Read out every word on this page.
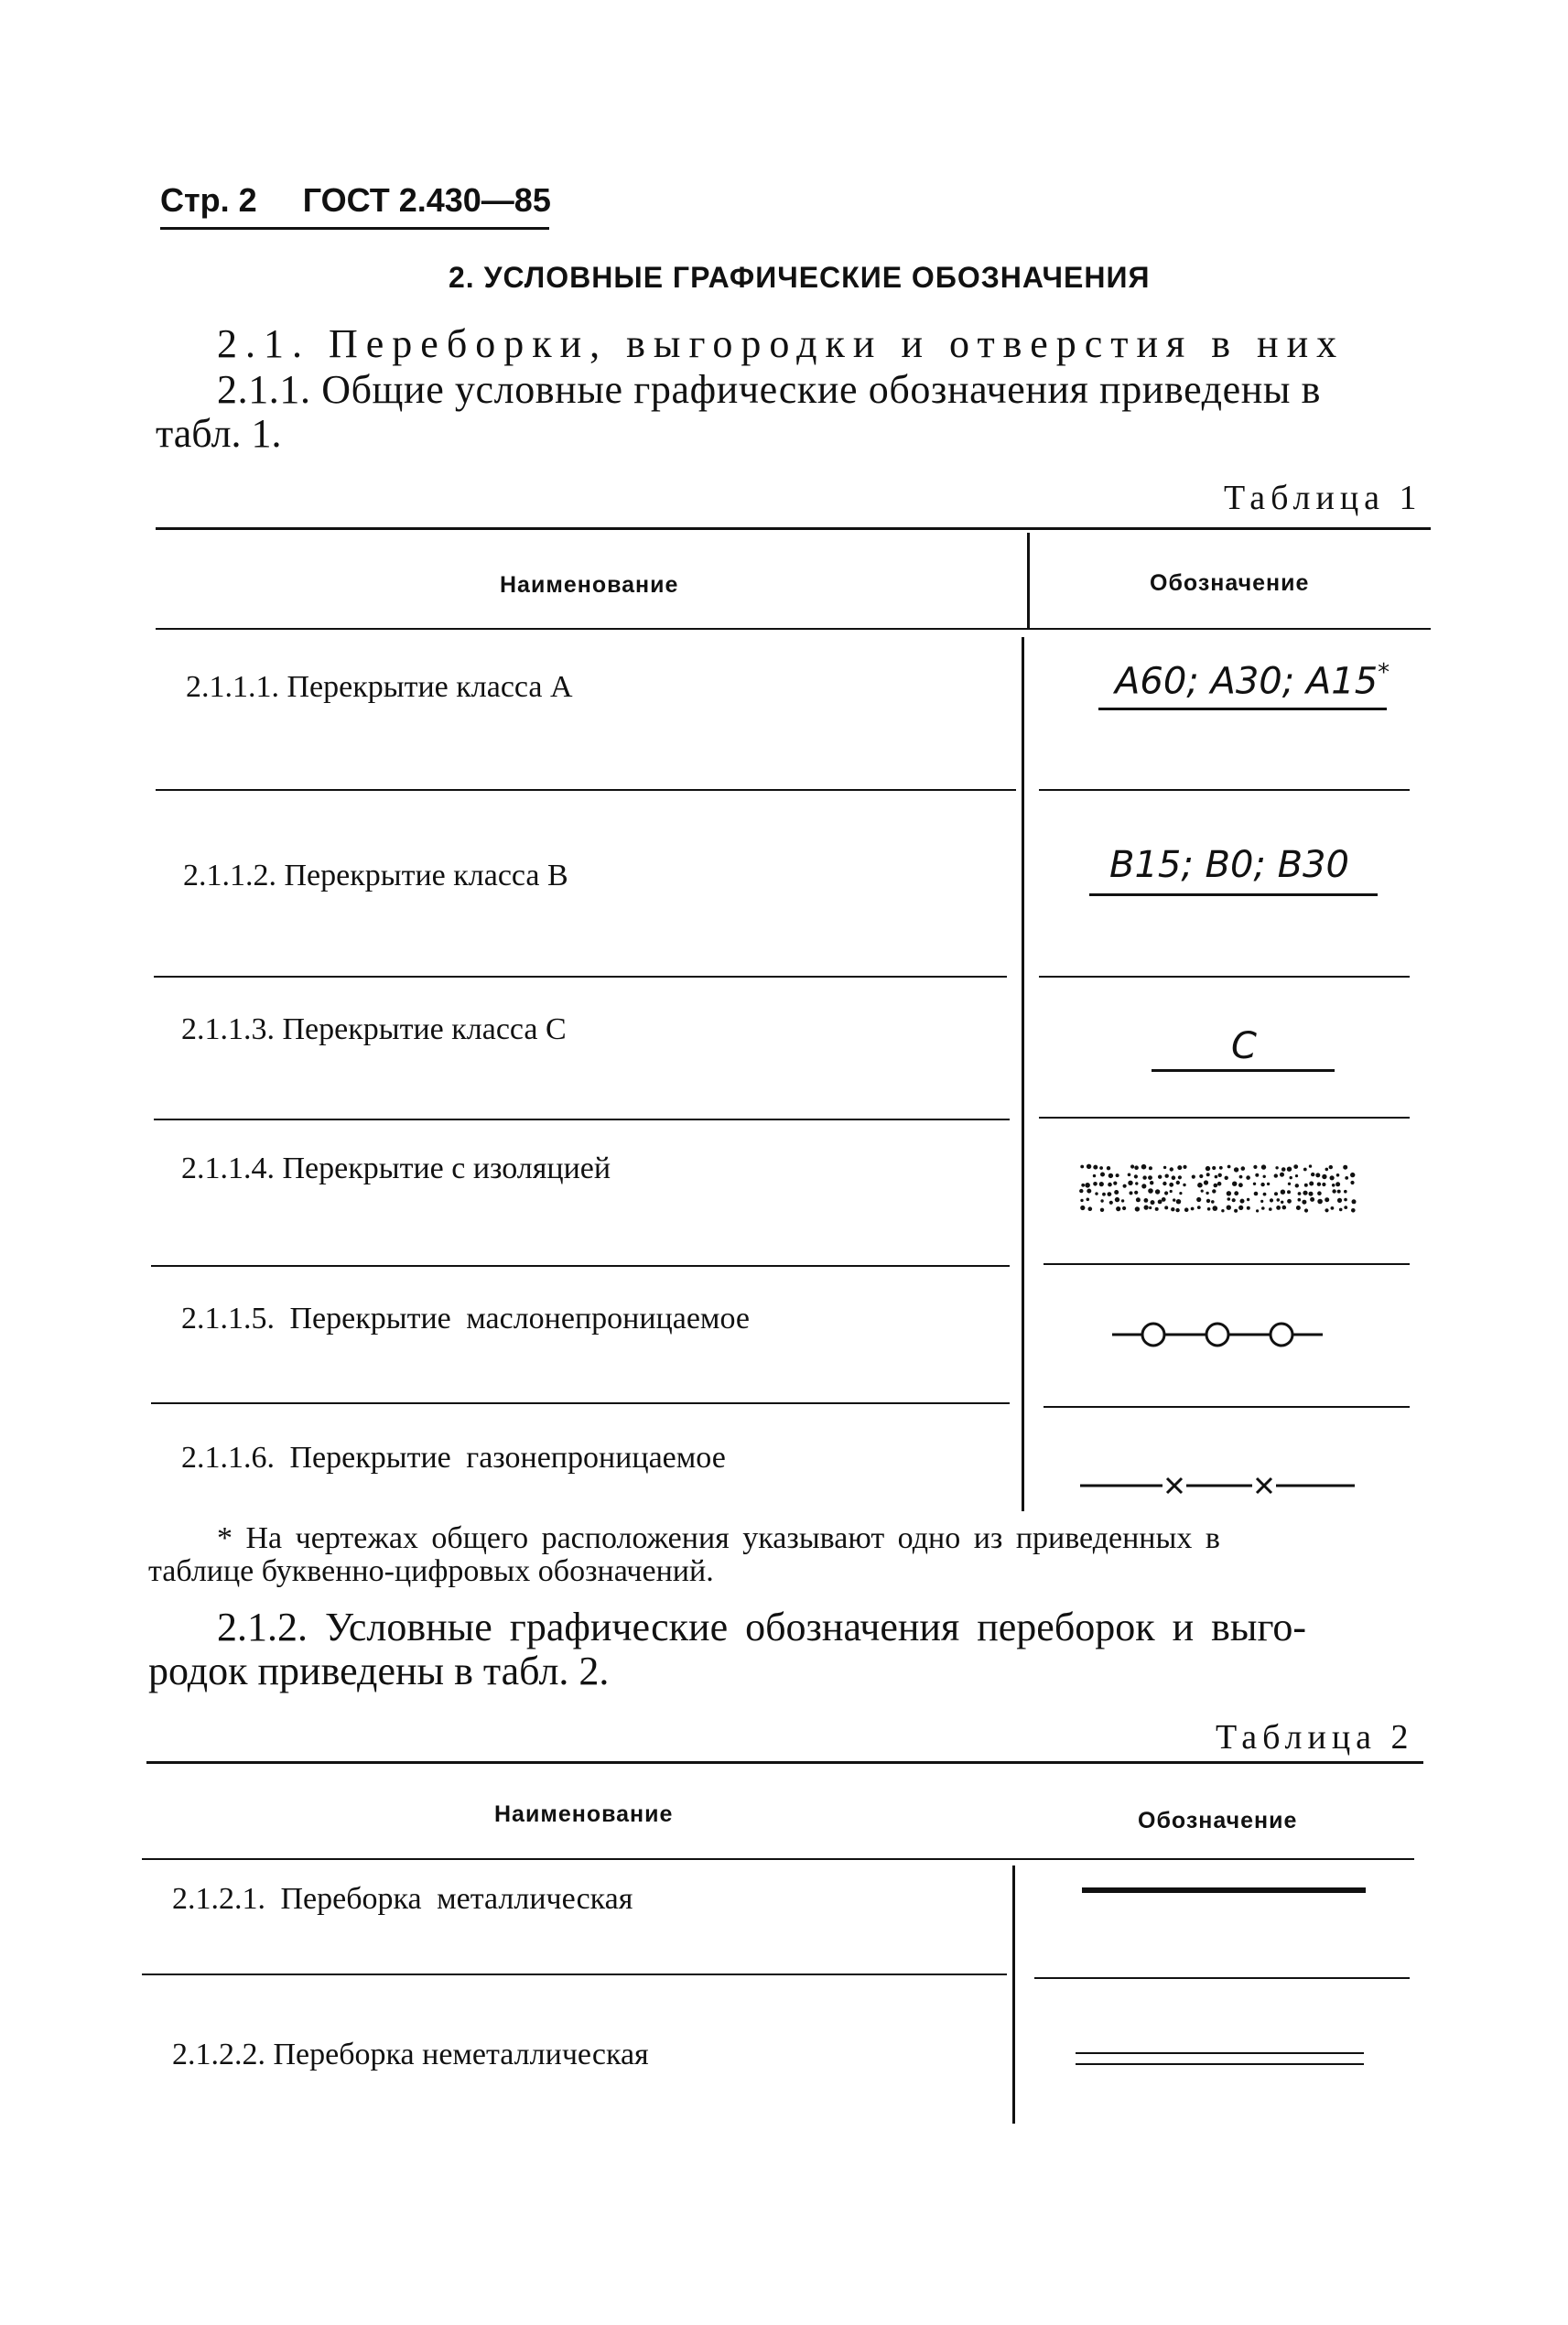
Стр. 2 ГОСТ 2.430—85
2. УСЛОВНЫЕ ГРАФИЧЕСКИЕ ОБОЗНАЧЕНИЯ
2.1. Переборки, выгородки и отверстия в них
2.1.1. Общие условные графические обозначения приведены в
табл. 1.
Таблица 1
Наименование	Обозначение
2.1.1.1. Перекрытие класса А	А60; А30; А15*
2.1.1.2. Перекрытие класса В	В15; В0; В30
2.1.1.3. Перекрытие класса С	С
2.1.1.4. Перекрытие с изоляцией
2.1.1.5. Перекрытие маслонепроницаемое
2.1.1.6. Перекрытие газонепроницаемое
* На чертежах общего расположения указывают одно из приведенных в
таблице буквенно-цифровых обозначений.
2.1.2. Условные графические обозначения переборок и выго-
родок приведены в табл. 2.
Таблица 2
Наименование	Обозначение
2.1.2.1. Переборка металлическая
2.1.2.2. Переборка неметаллическая
